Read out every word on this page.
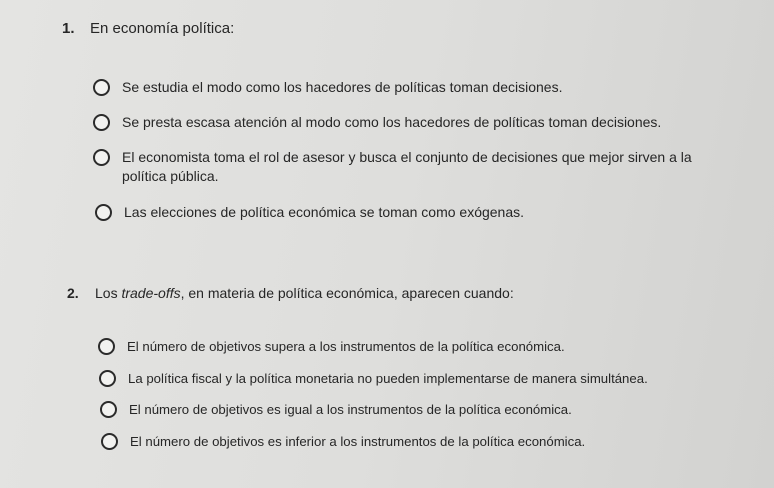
1.	En economía política:
Se estudia el modo como los hacedores de políticas toman decisiones.
Se presta escasa atención al modo como los hacedores de políticas toman decisiones.
El economista toma el rol de asesor y busca el conjunto de decisiones que mejor sirven a la política pública.
Las elecciones de política económica se toman como exógenas.
2.	Los trade-offs, en materia de política económica, aparecen cuando:
El número de objetivos supera a los instrumentos de la política económica.
La política fiscal y la política monetaria no pueden implementarse de manera simultánea.
El número de objetivos es igual a los instrumentos de la política económica.
El número de objetivos es inferior a los instrumentos de la política económica.
